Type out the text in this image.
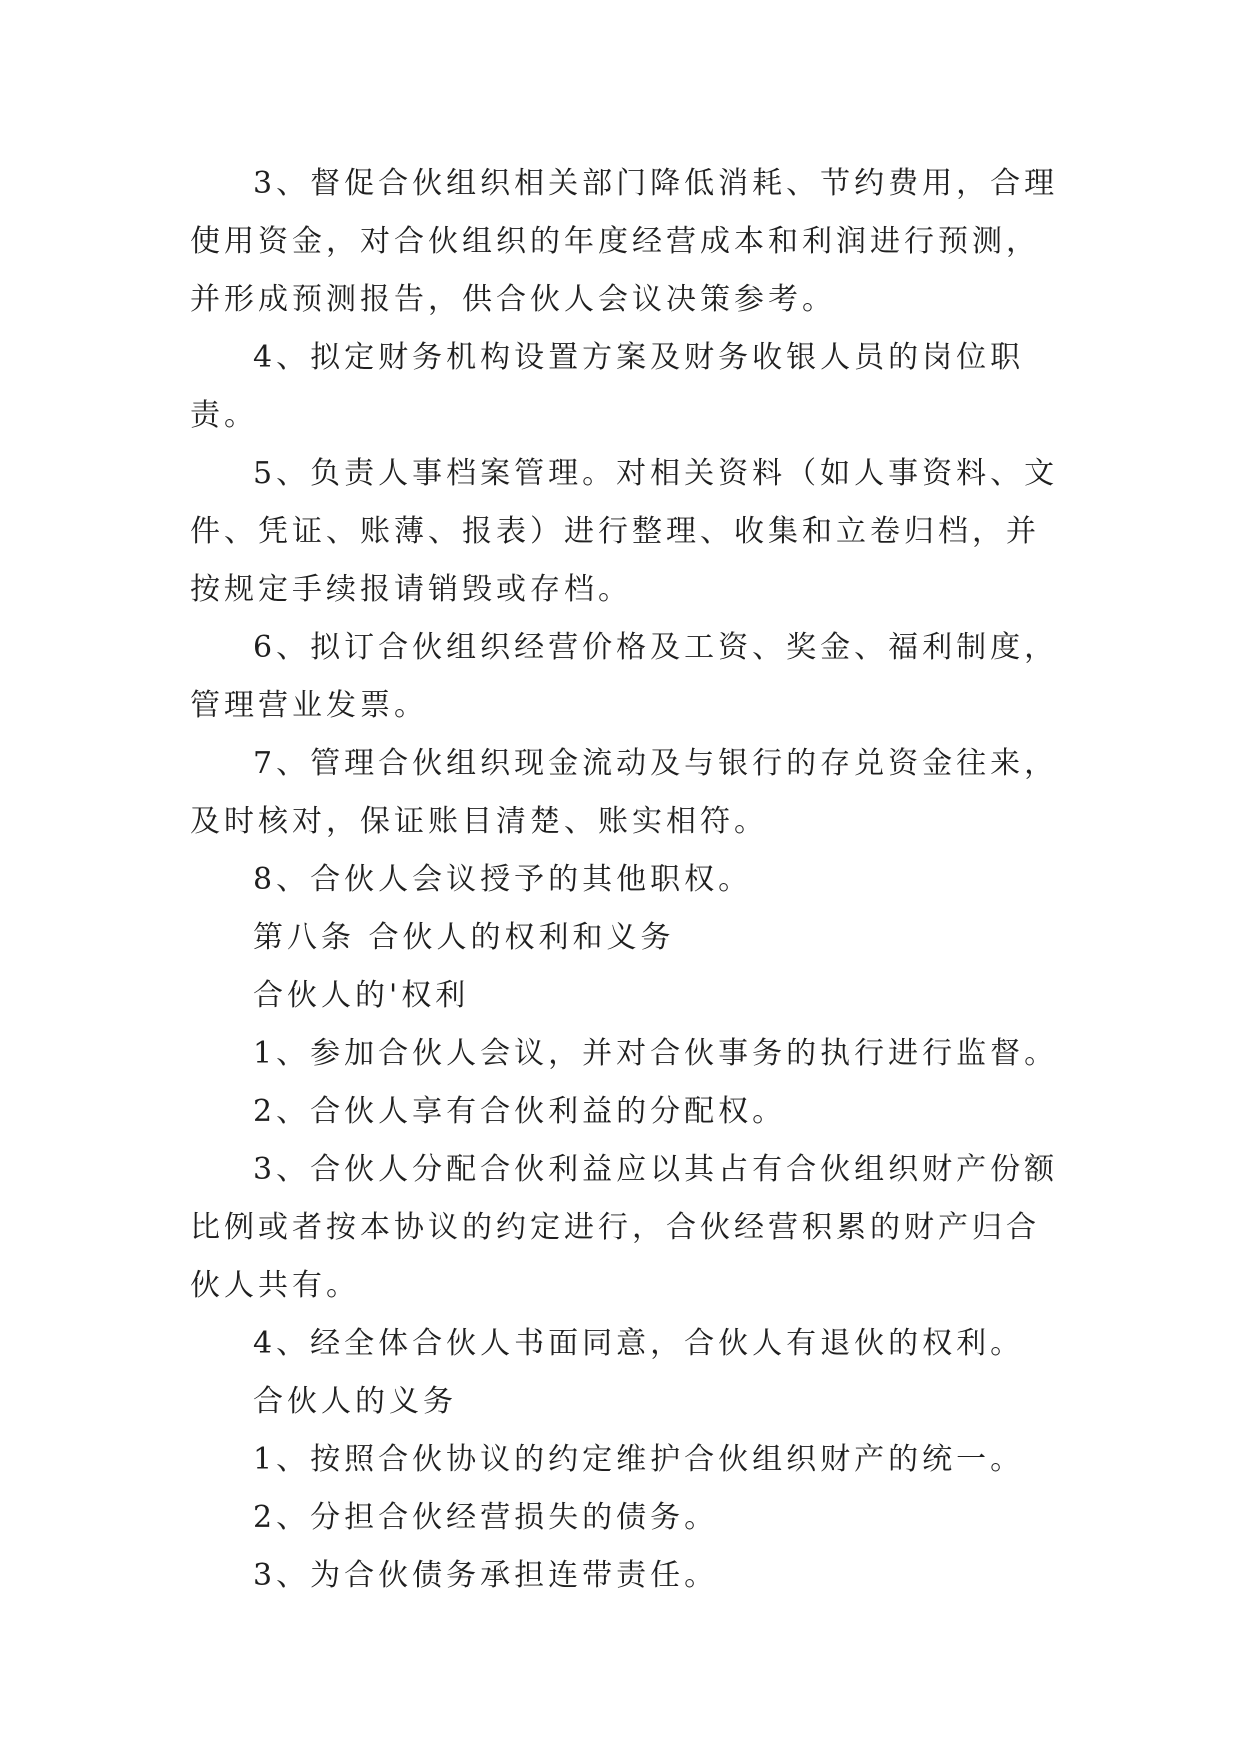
3、督促合伙组织相关部门降低消耗、节约费用，合理使用资金，对合伙组织的年度经营成本和利润进行预测，并形成预测报告，供合伙人会议决策参考。

4、拟定财务机构设置方案及财务收银人员的岗位职责。

5、负责人事档案管理。对相关资料（如人事资料、文件、凭证、账薄、报表）进行整理、收集和立卷归档，并按规定手续报请销毁或存档。

6、拟订合伙组织经营价格及工资、奖金、福利制度，管理营业发票。

7、管理合伙组织现金流动及与银行的存兑资金往来，及时核对，保证账目清楚、账实相符。

8、合伙人会议授予的其他职权。

第八条 合伙人的权利和义务

合伙人的'权利

1、参加合伙人会议，并对合伙事务的执行进行监督。

2、合伙人享有合伙利益的分配权。

3、合伙人分配合伙利益应以其占有合伙组织财产份额比例或者按本协议的约定进行，合伙经营积累的财产归合伙人共有。

4、经全体合伙人书面同意，合伙人有退伙的权利。

合伙人的义务

1、按照合伙协议的约定维护合伙组织财产的统一。

2、分担合伙经营损失的债务。

3、为合伙债务承担连带责任。
